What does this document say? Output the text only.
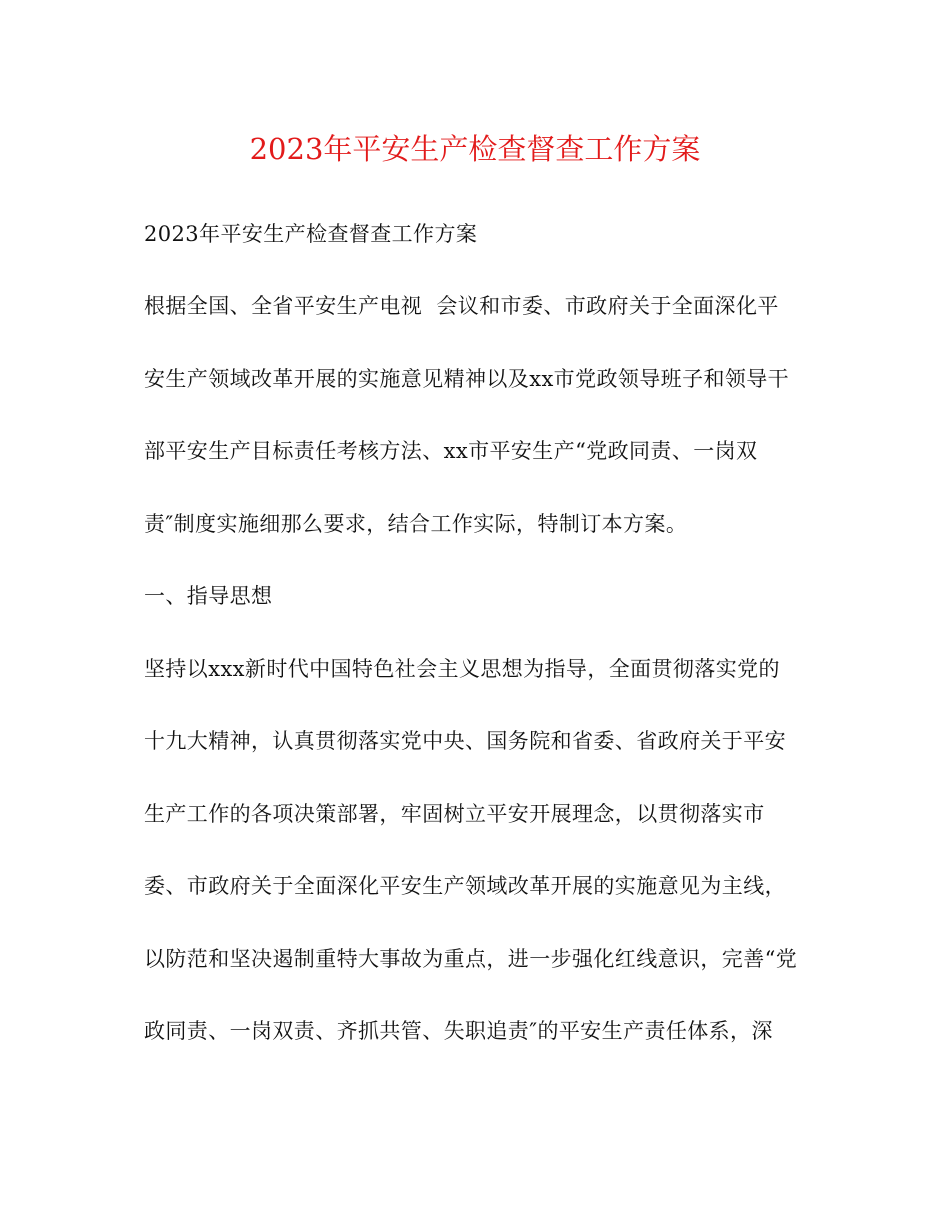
2023年平安生产检查督查工作方案
2023年平安生产检查督查工作方案
根据全国、全省平安生产电视  会议和市委、市政府关于全面深化平
安生产领域改革开展的实施意见精神以及xx市党政领导班子和领导干
部平安生产目标责任考核方法、xx市平安生产“党政同责、一岗双
责″制度实施细那么要求，结合工作实际，特制订本方案。
一、指导思想
坚持以xxx新时代中国特色社会主义思想为指导，全面贯彻落实党的
十九大精神，认真贯彻落实党中央、国务院和省委、省政府关于平安
生产工作的各项决策部署，牢固树立平安开展理念，以贯彻落实市
委、市政府关于全面深化平安生产领域改革开展的实施意见为主线，
以防范和坚决遏制重特大事故为重点，进一步强化红线意识，完善“党
政同责、一岗双责、齐抓共管、失职追责″的平安生产责任体系，深
